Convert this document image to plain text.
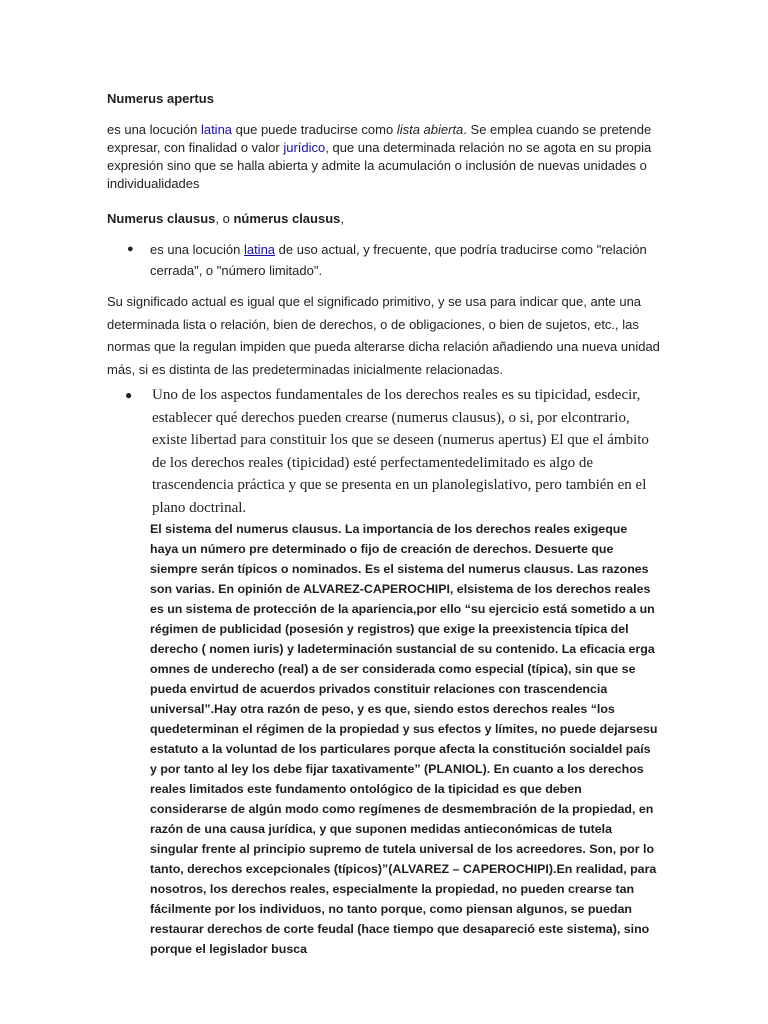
Numerus apertus

es una locución latina que puede traducirse como lista abierta. Se emplea cuando se pretende expresar, con finalidad o valor jurídico, que una determinada relación no se agota en su propia expresión sino que se halla abierta y admite la acumulación o inclusión de nuevas unidades o individualidades

Numerus clausus, o númerus clausus,

● es una locución latina de uso actual, y frecuente, que podría traducirse como "relación cerrada", o "número limitado".

Su significado actual es igual que el significado primitivo, y se usa para indicar que, ante una determinada lista o relación, bien de derechos, o de obligaciones, o bien de sujetos, etc., las normas que la regulan impiden que pueda alterarse dicha relación añadiendo una nueva unidad más, si es distinta de las predeterminadas inicialmente relacionadas.

● Uno de los aspectos fundamentales de los derechos reales es su tipicidad, esdecir, establecer qué derechos pueden crearse (numerus clausus), o si, por elcontrario, existe libertad para constituir los que se deseen (numerus apertus) El que el ámbito de los derechos reales (tipicidad) esté perfectamentedelimitado es algo de trascendencia práctica y que se presenta en un planolegislativo, pero también en el plano doctrinal.

El sistema del numerus clausus. La importancia de los derechos reales exigeque haya un número pre determinado o fijo de creación de derechos. Desuerte que siempre serán típicos o nominados. Es el sistema del numerus clausus. Las razones son varias. En opinión de ALVAREZ-CAPEROCHIPI, elsistema de los derechos reales es un sistema de protección de la apariencia,por ello “su ejercicio está sometido a un régimen de publicidad (posesión y registros) que exige la preexistencia típica del derecho ( nomen iuris) y ladeterminación sustancial de su contenido. La eficacia erga omnes de underecho (real) a de ser considerada como especial (típica), sin que se pueda envirtud de acuerdos privados constituir relaciones con trascendencia universal”.Hay otra razón de peso, y es que, siendo estos derechos reales “los quedeterminan el régimen de la propiedad y sus efectos y límites, no puede dejarsesu estatuto a la voluntad de los particulares porque afecta la constitución socialdel país y por tanto al ley los debe fijar taxativamente” (PLANIOL). En cuanto a los derechos reales limitados este fundamento ontológico de la tipicidad es que deben considerarse de algún modo como regímenes de desmembración de la propiedad, en razón de una causa jurídica, y que suponen medidas antieconómicas de tutela singular frente al principio supremo de tutela universal de los acreedores. Son, por lo tanto, derechos excepcionales (típicos)”(ALVAREZ – CAPEROCHIPI).En realidad, para nosotros, los derechos reales, especialmente la propiedad, no pueden crearse tan fácilmente por los individuos, no tanto porque, como piensan algunos, se puedan restaurar derechos de corte feudal (hace tiempo que desapareció este sistema), sino porque el legislador busca
